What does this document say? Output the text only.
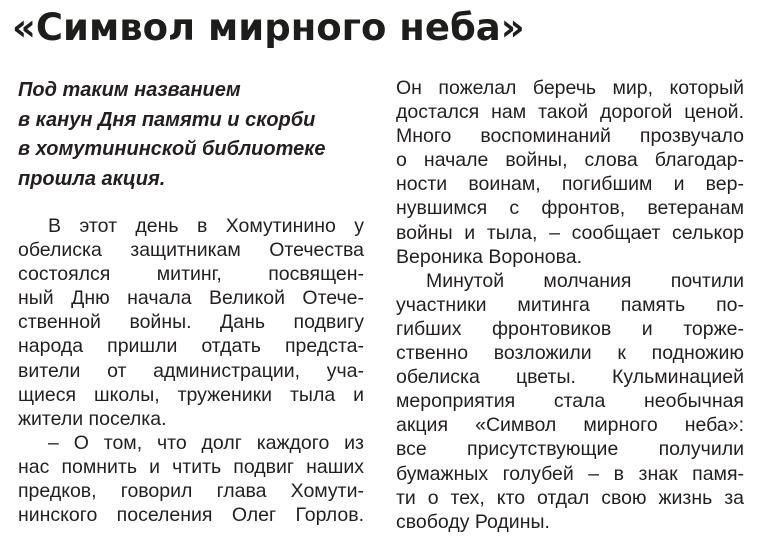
«Символ мирного неба»
Под таким названием
в канун Дня памяти и скорби
в хомутининской библиотеке
прошла акция.
В этот день в Хомутинино у
обелиска защитникам Отечества
состоялся митинг, посвящен-
ный Дню начала Великой Отече-
ственной войны. Дань подвигу
народа пришли отдать предста-
вители от администрации, уча-
щиеся школы, труженики тыла и
жители поселка.
– О том, что долг каждого из
нас помнить и чтить подвиг наших
предков, говорил глава Хомути-
нинского поселения Олег Горлов.
Он пожелал беречь мир, который
достался нам такой дорогой ценой.
Много воспоминаний прозвучало
о начале войны, слова благодар-
ности воинам, погибшим и вер-
нувшимся с фронтов, ветеранам
войны и тыла, – сообщает селькор
Вероника Воронова.
Минутой молчания почтили
участники митинга память по-
гибших фронтовиков и торже-
ственно возложили к подножию
обелиска цветы. Кульминацией
мероприятия стала необычная
акция «Символ мирного неба»:
все присутствующие получили
бумажных голубей – в знак памя-
ти о тех, кто отдал свою жизнь за
свободу Родины.
